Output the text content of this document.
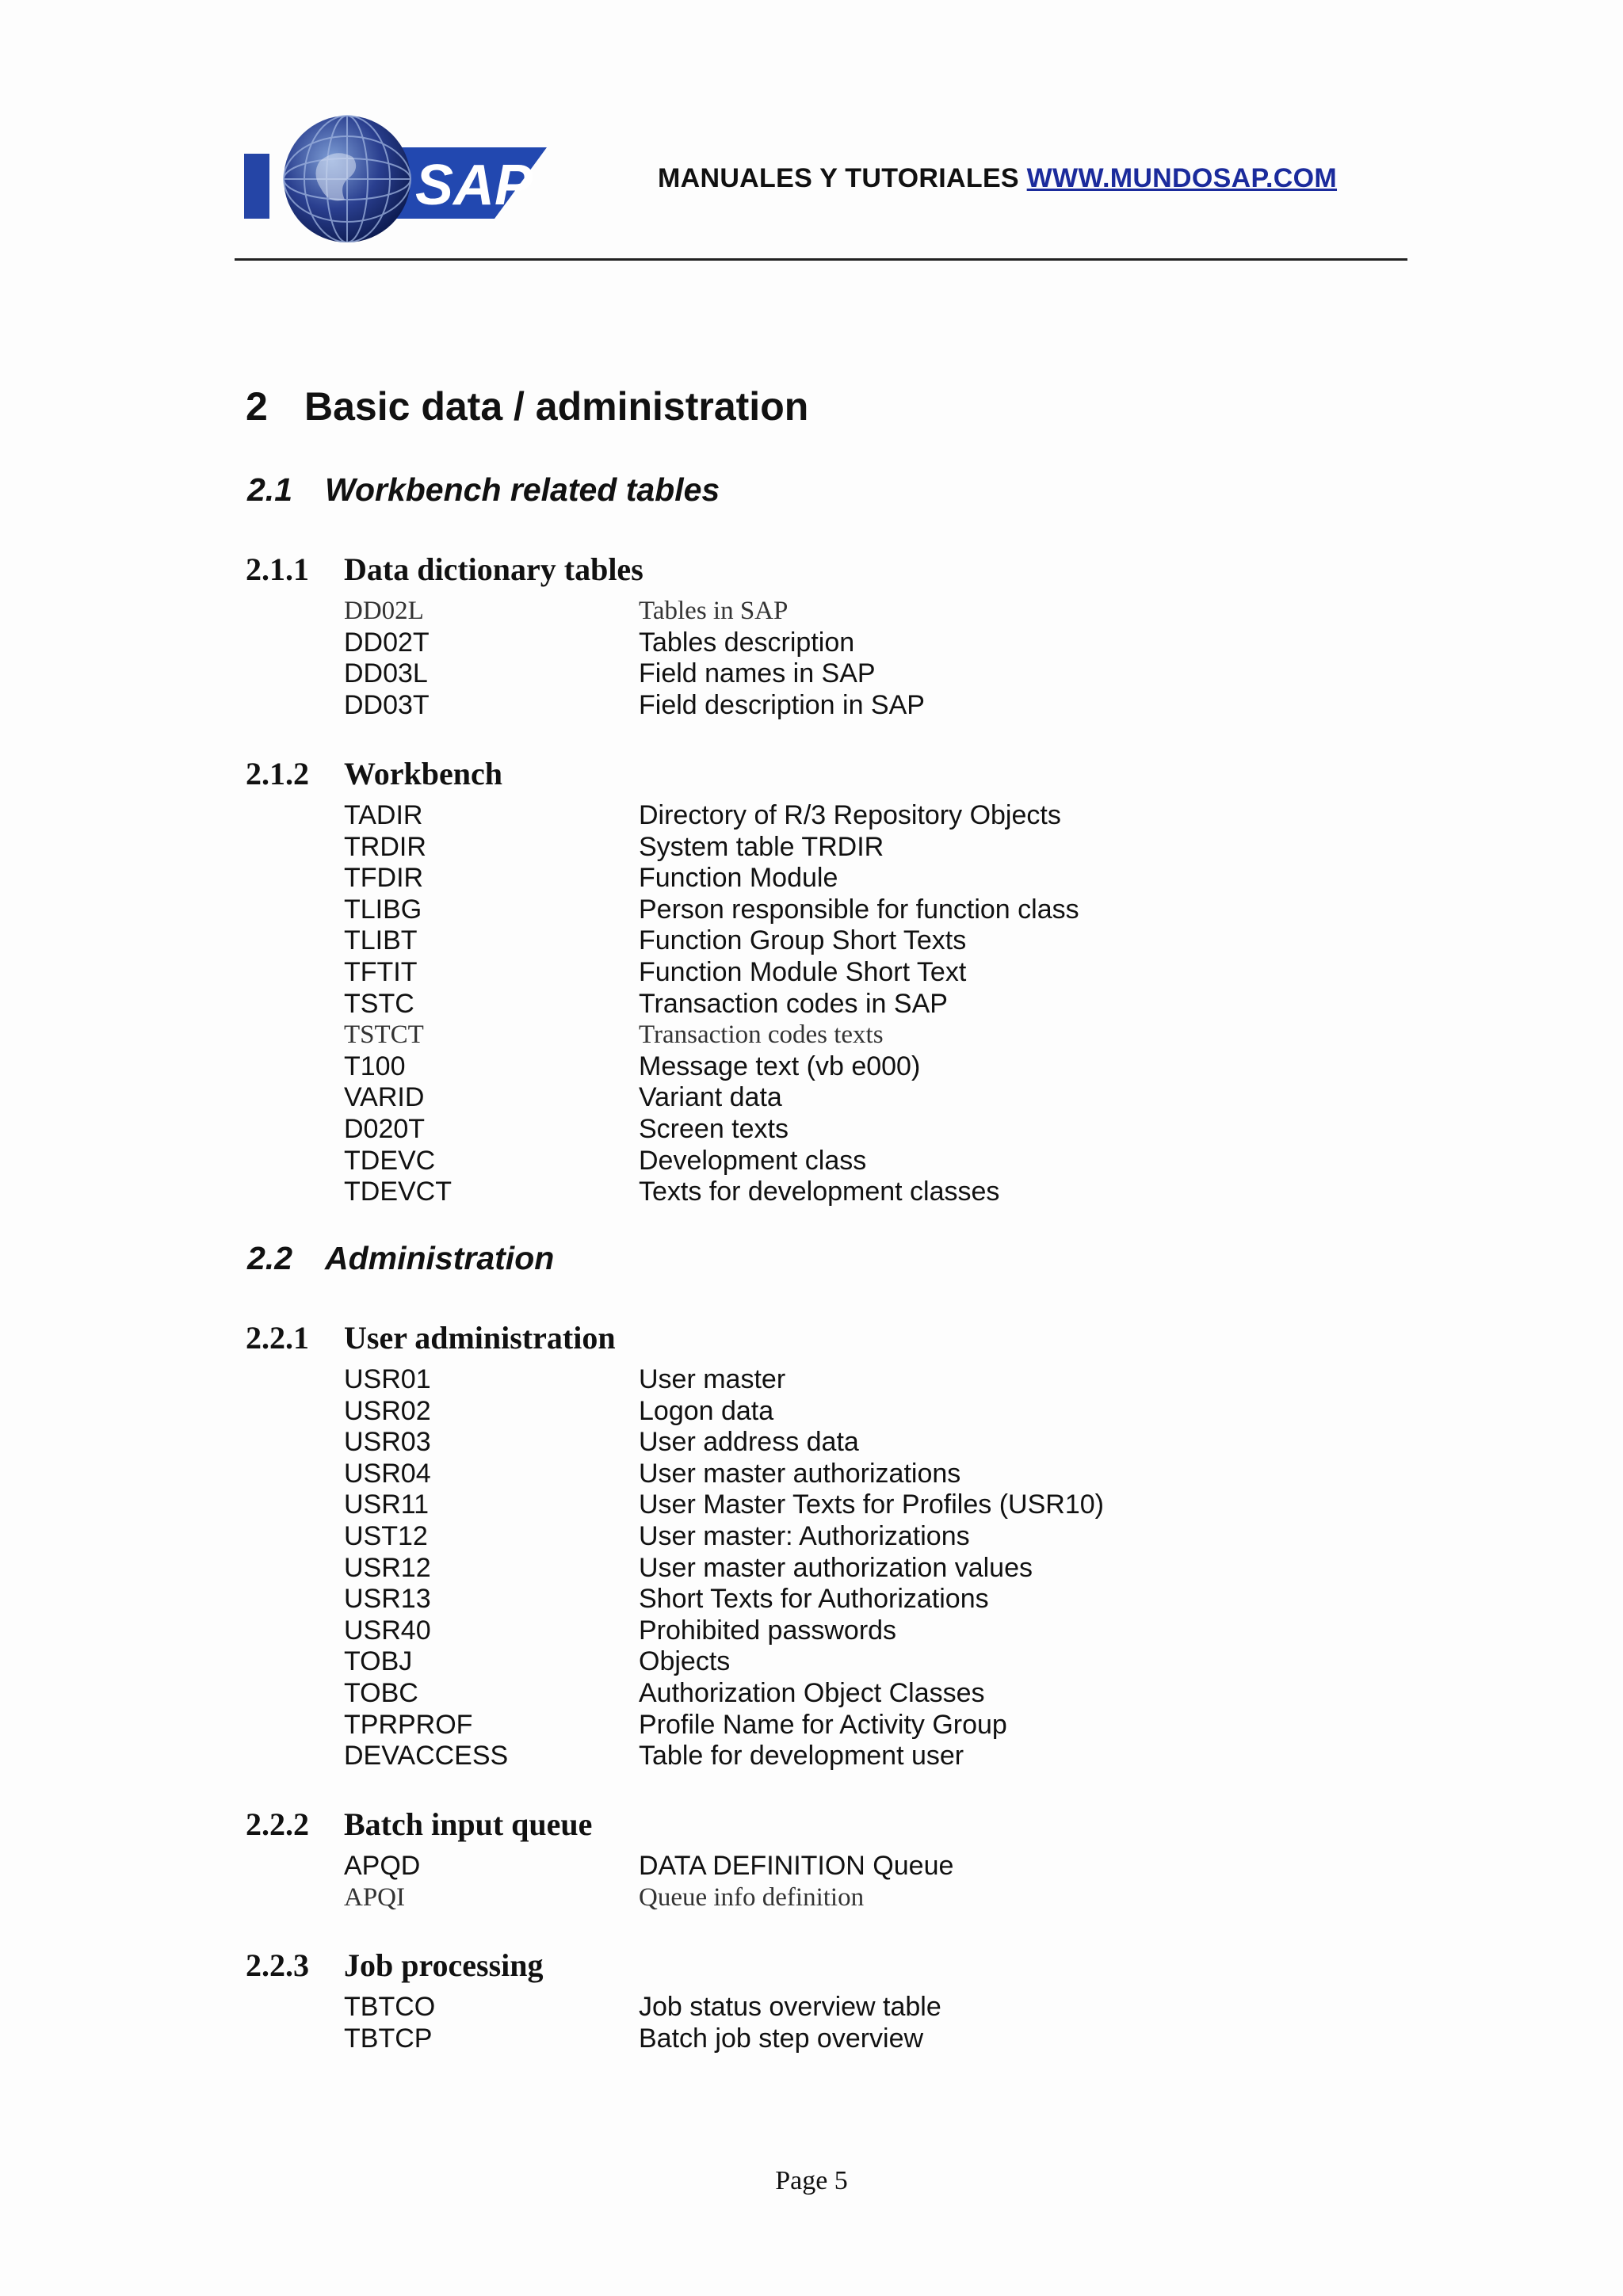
SAP	MANUALES Y TUTORIALES WWW.MUNDOSAP.COM
2 Basic data / administration
2.1 Workbench related tables
2.1.1 Data dictionary tables
DD02L	Tables in SAP
DD02T	Tables description
DD03L	Field names in SAP
DD03T	Field description in SAP
2.1.2 Workbench
TADIR	Directory of R/3 Repository Objects
TRDIR	System table TRDIR
TFDIR	Function Module
TLIBG	Person responsible for function class
TLIBT	Function Group Short Texts
TFTIT	Function Module Short Text
TSTC	Transaction codes in SAP
TSTCT	Transaction codes texts
T100	Message text (vb e000)
VARID	Variant data
D020T	Screen texts
TDEVC	Development class
TDEVCT	Texts for development classes
2.2 Administration
2.2.1 User administration
USR01	User master
USR02	Logon data
USR03	User address data
USR04	User master authorizations
USR11	User Master Texts for Profiles (USR10)
UST12	User master: Authorizations
USR12	User master authorization values
USR13	Short Texts for Authorizations
USR40	Prohibited passwords
TOBJ	Objects
TOBC	Authorization Object Classes
TPRPROF	Profile Name for Activity Group
DEVACCESS	Table for development user
2.2.2 Batch input queue
APQD	DATA DEFINITION Queue
APQI	Queue info definition
2.2.3 Job processing
TBTCO	Job status overview table
TBTCP	Batch job step overview
Page 5
